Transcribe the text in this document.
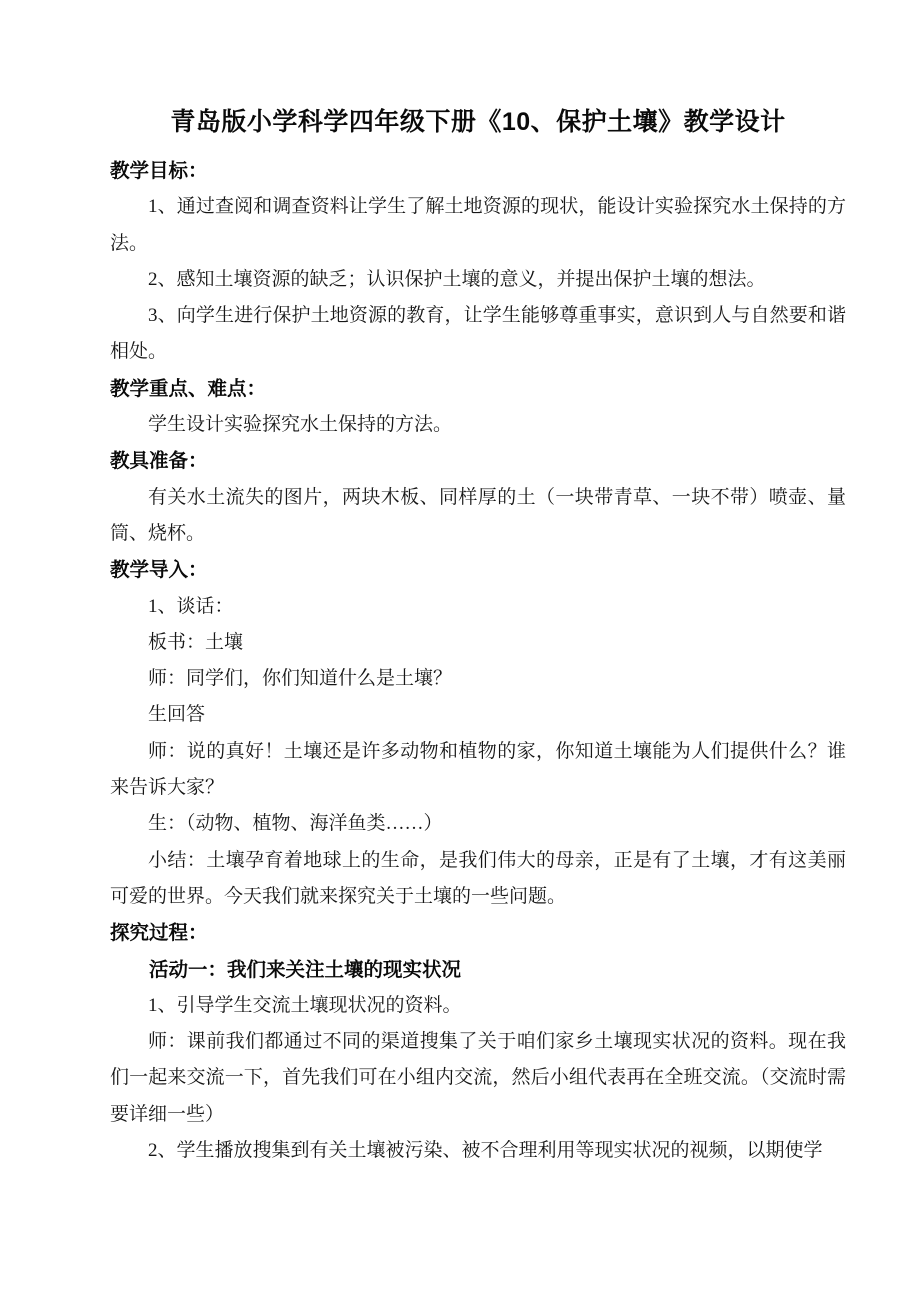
青岛版小学科学四年级下册《10、保护土壤》教学设计

教学目标：

1、通过查阅和调查资料让学生了解土地资源的现状，能设计实验探究水土保持的方法。

2、感知土壤资源的缺乏；认识保护土壤的意义，并提出保护土壤的想法。

3、向学生进行保护土地资源的教育，让学生能够尊重事实，意识到人与自然要和谐相处。

教学重点、难点：

学生设计实验探究水土保持的方法。

教具准备：

有关水土流失的图片，两块木板、同样厚的土（一块带青草、一块不带）喷壶、量筒、烧杯。

教学导入：

1、谈话：

板书：土壤

师：同学们，你们知道什么是土壤？

生回答

师：说的真好！土壤还是许多动物和植物的家，你知道土壤能为人们提供什么？谁来告诉大家？

生：（动物、植物、海洋鱼类……）

小结：土壤孕育着地球上的生命，是我们伟大的母亲，正是有了土壤，才有这美丽可爱的世界。今天我们就来探究关于土壤的一些问题。

探究过程：

活动一：我们来关注土壤的现实状况

1、引导学生交流土壤现状况的资料。

师：课前我们都通过不同的渠道搜集了关于咱们家乡土壤现实状况的资料。现在我们一起来交流一下，首先我们可在小组内交流，然后小组代表再在全班交流。（交流时需要详细一些）

2、学生播放搜集到有关土壤被污染、被不合理利用等现实状况的视频，以期使学
